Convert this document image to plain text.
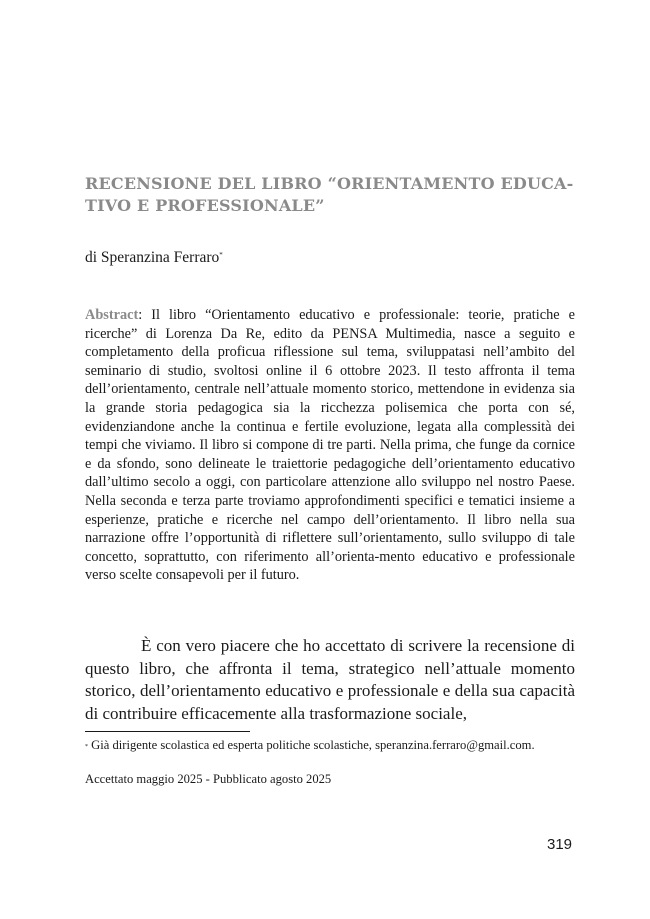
RECENSIONE DEL LIBRO “ORIENTAMENTO EDUCA-
TIVO E PROFESSIONALE”
di Speranzina Ferraro*

Abstract: Il libro “Orientamento educativo e professionale: teorie, pratiche e ricerche” di Lorenza Da Re, edito da PENSA Multimedia, nasce a seguito e completamento della proficua riflessione sul tema, sviluppatasi nell’ambito del seminario di studio, svoltosi online il 6 ottobre 2023. Il testo affronta il tema dell’orientamento, centrale nell’attuale momento storico, mettendone in evidenza sia la grande storia pedagogica sia la ricchezza polisemica che porta con sé, evidenziandone anche la continua e fertile evoluzione, legata alla complessità dei tempi che viviamo. Il libro si compone di tre parti. Nella prima, che funge da cornice e da sfondo, sono delineate le traiettorie pedagogiche dell’orientamento educativo dall’ultimo secolo a oggi, con particolare attenzione allo sviluppo nel nostro Paese. Nella seconda e terza parte troviamo approfondimenti specifici e tematici insieme a esperienze, pratiche e ricerche nel campo dell’orientamento. Il libro nella sua narrazione offre l’opportunità di riflettere sull’orientamento, sullo sviluppo di tale concetto, soprattutto, con riferimento all’orienta-mento educativo e professionale verso scelte consapevoli per il futuro.

È con vero piacere che ho accettato di scrivere la recensione di questo libro, che affronta il tema, strategico nell’attuale momento storico, dell’orientamento educativo e professionale e della sua capacità di contribuire efficacemente alla trasformazione sociale,

* Già dirigente scolastica ed esperta politiche scolastiche, speranzina.ferraro@gmail.com.

Accettato maggio 2025 - Pubblicato agosto 2025
319
